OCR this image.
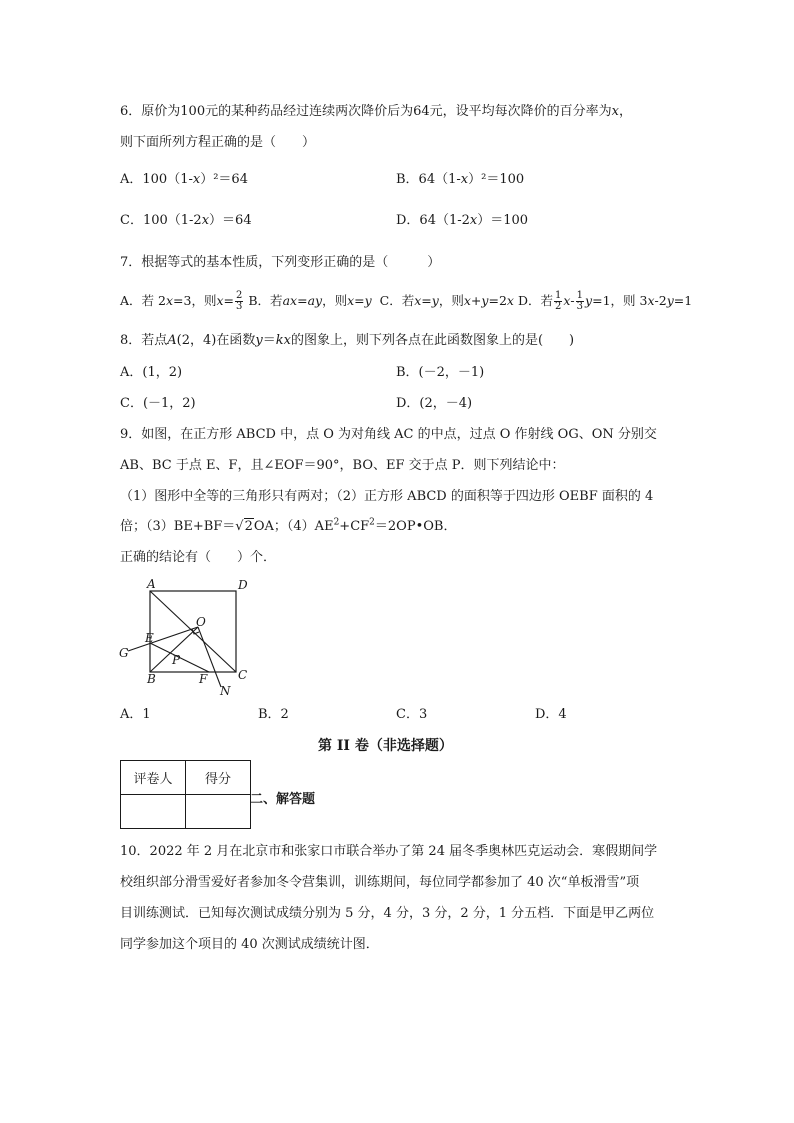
6．原价为100元的某种药品经过连续两次降价后为64元，设平均每次降价的百分率为x，
则下面所列方程正确的是（　　）
A．100（1-x）²＝64	B．64（1-x）²＝100
C．100（1-2x）＝64	D．64（1-2x）＝100
7．根据等式的基本性质，下列变形正确的是（　　　）
A．若 2x=3，则$x= \frac{2}{3}$ B．若ax=ay，则x=y C．若x=y，则x+y=2x D．若 $\frac{1}{2} x- \frac{1}{3} y=1$，则 3x-2y=1
8．若点A(2，4)在函数y＝kx的图象上，则下列各点在此函数图象上的是(　　)
A．(1，2)	B．(－2，－1)
C．(－1，2)	D．(2，－4)
9．如图，在正方形 ABCD 中，点 O 为对角线 AC 的中点，过点 O 作射线 OG、ON 分别交
AB、BC 于点 E、F，且∠EOF＝90°，BO、EF 交于点 P．则下列结论中：
（1）图形中全等的三角形只有两对；（2）正方形 ABCD 的面积等于四边形 OEBF 面积的 4
倍；（3）BE+BF＝√2OA；$(4)AE^2+CF^2=2OP•OB$．
正确的结论有（　　）个．
A	D
O
E
G	P
B	F	C
N
A．1	B．2	C．3	D．4
第 II 卷（非选择题）
评卷人	得分

二、解答题
10．2022 年 2 月在北京市和张家口市联合举办了第 24 届冬季奥林匹克运动会．寒假期间学
校组织部分滑雪爱好者参加冬令营集训，训练期间，每位同学都参加了 40 次“单板滑雪”项
目训练测试．已知每次测试成绩分别为 5 分，4 分，3 分，2 分，1 分五档．下面是甲乙两位
同学参加这个项目的 40 次测试成绩统计图．
